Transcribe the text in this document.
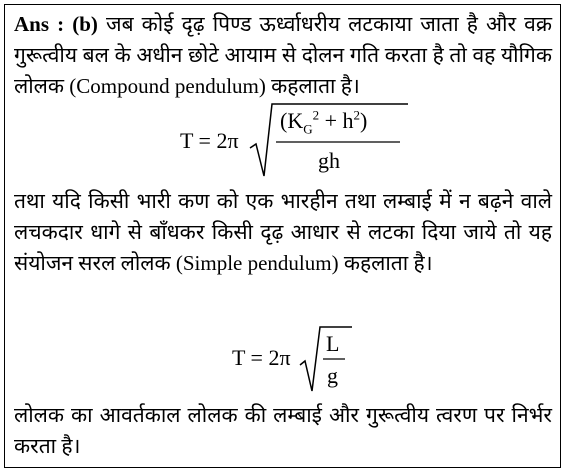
Ans : (b) जब कोई दृढ़ पिण्ड ऊर्ध्वाधरीय लटकाया जाता है और वक्र गुरूत्वीय बल के अधीन छोटे आयाम से दोलन गति करता है तो वह यौगिक लोलक (Compound pendulum) कहलाता है।
T = 2π
$(K_G^2 + h^2)$
gh
तथा यदि किसी भारी कण को एक भारहीन तथा लम्बाई में न बढ़ने वाले लचकदार धागे से बाँधकर किसी दृढ़ आधार से लटका दिया जाये तो यह संयोजन सरल लोलक (Simple pendulum) कहलाता है।
T = 2π
L
g
लोलक का आवर्तकाल लोलक की लम्बाई और गुरूत्वीय त्वरण पर निर्भर करता है।
